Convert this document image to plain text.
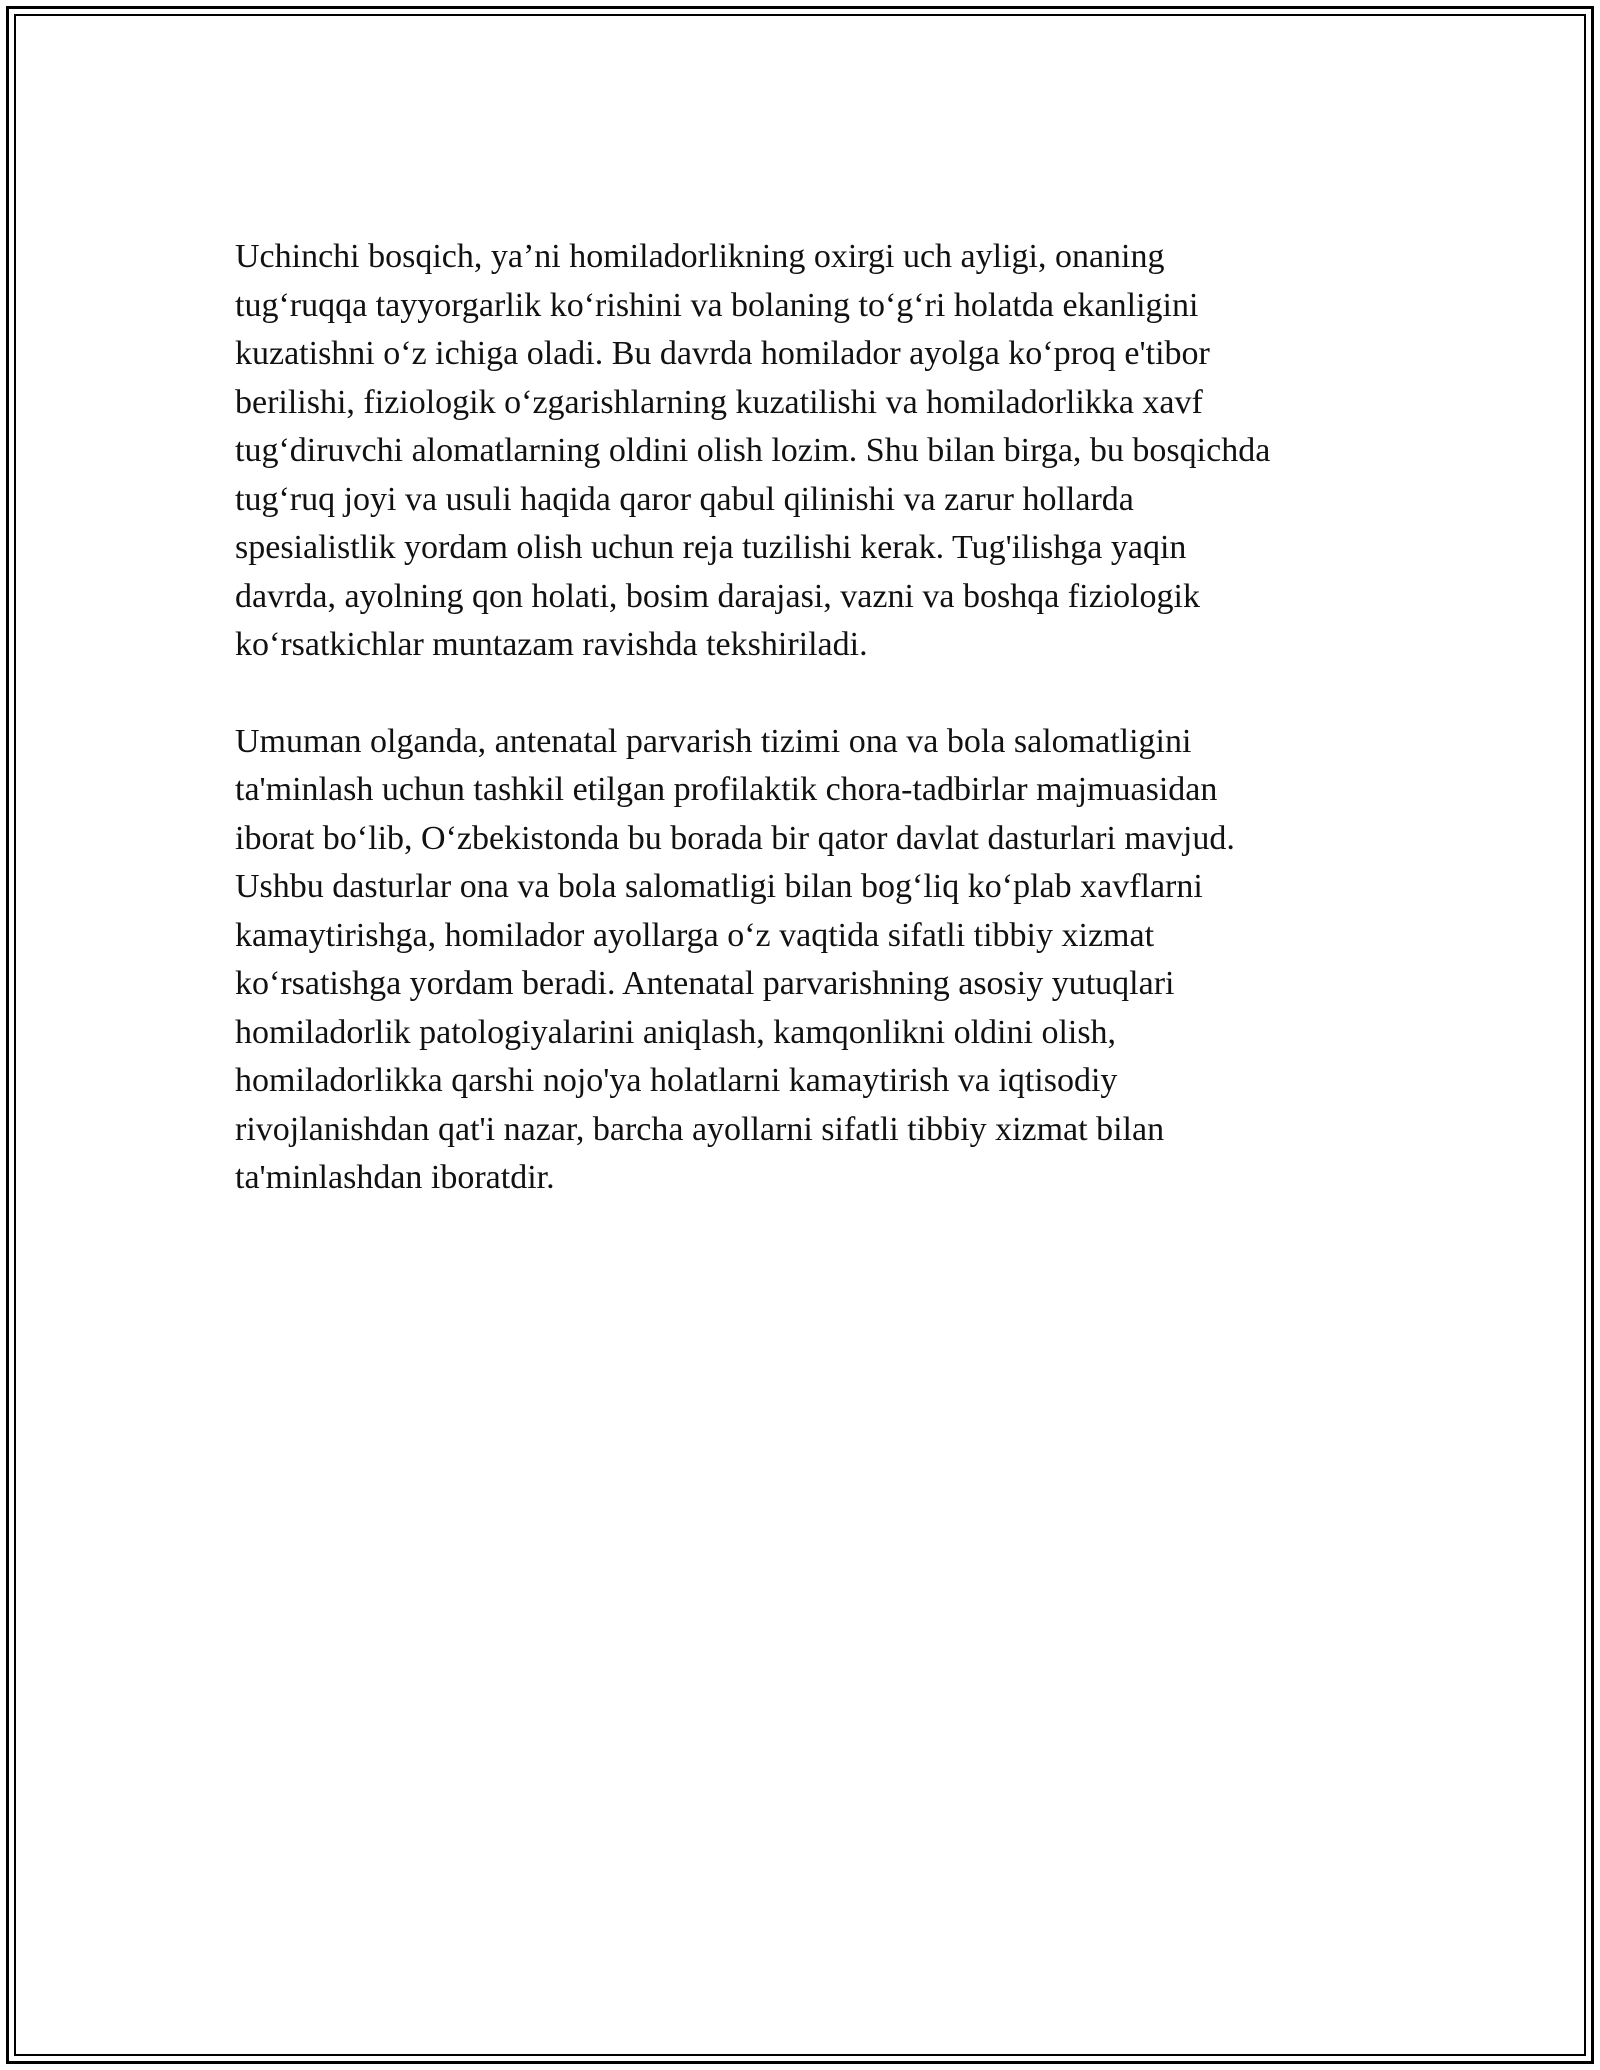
Uchinchi bosqich, ya’ni homiladorlikning oxirgi uch ayligi, onaning
tug‘ruqqa tayyorgarlik ko‘rishini va bolaning to‘g‘ri holatda ekanligini
kuzatishni o‘z ichiga oladi. Bu davrda homilador ayolga ko‘proq e'tibor
berilishi, fiziologik o‘zgarishlarning kuzatilishi va homiladorlikka xavf
tug‘diruvchi alomatlarning oldini olish lozim. Shu bilan birga, bu bosqichda
tug‘ruq joyi va usuli haqida qaror qabul qilinishi va zarur hollarda
spesialistlik yordam olish uchun reja tuzilishi kerak. Tug'ilishga yaqin
davrda, ayolning qon holati, bosim darajasi, vazni va boshqa fiziologik
ko‘rsatkichlar muntazam ravishda tekshiriladi.

Umuman olganda, antenatal parvarish tizimi ona va bola salomatligini
ta'minlash uchun tashkil etilgan profilaktik chora-tadbirlar majmuasidan
iborat bo‘lib, O‘zbekistonda bu borada bir qator davlat dasturlari mavjud.
Ushbu dasturlar ona va bola salomatligi bilan bog‘liq ko‘plab xavflarni
kamaytirishga, homilador ayollarga o‘z vaqtida sifatli tibbiy xizmat
ko‘rsatishga yordam beradi. Antenatal parvarishning asosiy yutuqlari
homiladorlik patologiyalarini aniqlash, kamqonlikni oldini olish,
homiladorlikka qarshi nojo'ya holatlarni kamaytirish va iqtisodiy
rivojlanishdan qat'i nazar, barcha ayollarni sifatli tibbiy xizmat bilan
ta'minlashdan iboratdir.
